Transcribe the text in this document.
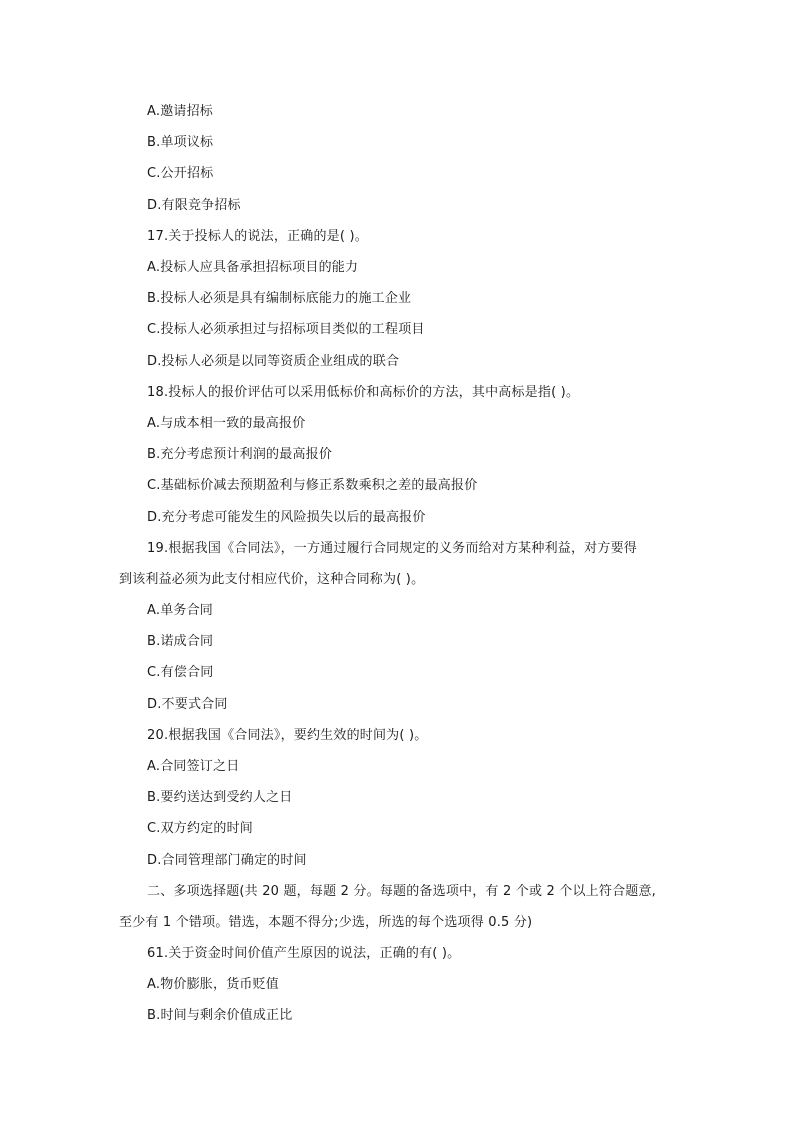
A.邀请招标
B.单项议标
C.公开招标
D.有限竞争招标
17.关于投标人的说法，正确的是( )。
A.投标人应具备承担招标项目的能力
B.投标人必须是具有编制标底能力的施工企业
C.投标人必须承担过与招标项目类似的工程项目
D.投标人必须是以同等资质企业组成的联合
18.投标人的报价评估可以采用低标价和高标价的方法，其中高标是指( )。
A.与成本相一致的最高报价
B.充分考虑预计利润的最高报价
C.基础标价减去预期盈利与修正系数乘积之差的最高报价
D.充分考虑可能发生的风险损失以后的最高报价
19.根据我国《合同法》，一方通过履行合同规定的义务而给对方某种利益，对方要得
到该利益必须为此支付相应代价，这种合同称为( )。
A.单务合同
B.诺成合同
C.有偿合同
D.不要式合同
20.根据我国《合同法》，要约生效的时间为( )。
A.合同签订之日
B.要约送达到受约人之日
C.双方约定的时间
D.合同管理部门确定的时间
二、多项选择题(共 20 题，每题 2 分。每题的备选项中，有 2 个或 2 个以上符合题意,
至少有 1 个错项。错选，本题不得分;少选，所选的每个选项得 0.5 分)
61.关于资金时间价值产生原因的说法，正确的有( )。
A.物价膨胀，货币贬值
B.时间与剩余价值成正比
